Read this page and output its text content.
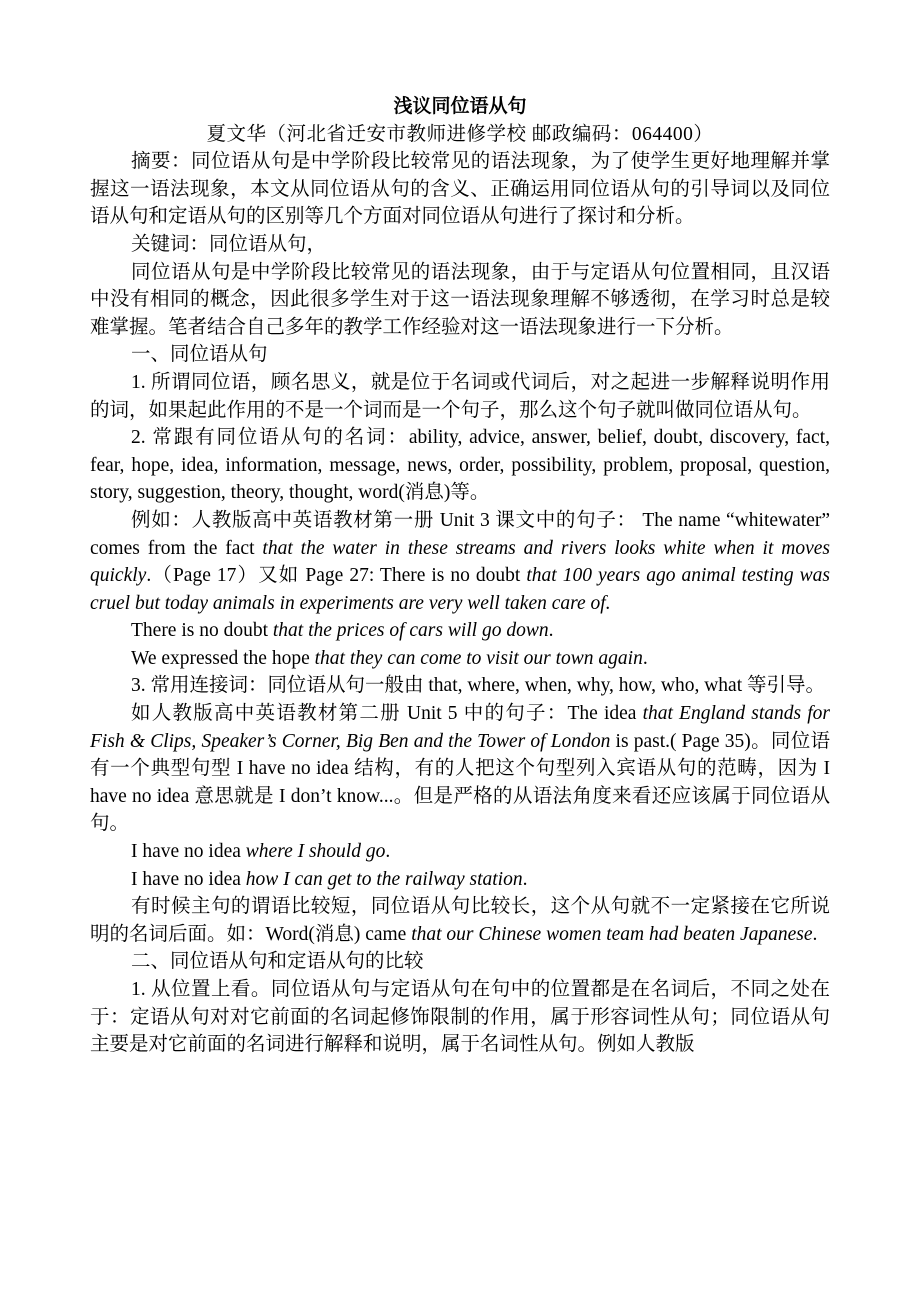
浅议同位语从句

夏文华（河北省迁安市教师进修学校 邮政编码：064400）

摘要：同位语从句是中学阶段比较常见的语法现象，为了使学生更好地理解并掌握这一语法现象，本文从同位语从句的含义、正确运用同位语从句的引导词以及同位语从句和定语从句的区别等几个方面对同位语从句进行了探讨和分析。

关键词：同位语从句，

同位语从句是中学阶段比较常见的语法现象，由于与定语从句位置相同，且汉语中没有相同的概念，因此很多学生对于这一语法现象理解不够透彻，在学习时总是较难掌握。笔者结合自己多年的教学工作经验对这一语法现象进行一下分析。

一、同位语从句

1. 所谓同位语，顾名思义，就是位于名词或代词后，对之起进一步解释说明作用的词，如果起此作用的不是一个词而是一个句子，那么这个句子就叫做同位语从句。

2. 常跟有同位语从句的名词：ability, advice, answer, belief, doubt, discovery, fact, fear, hope, idea, information, message, news, order, possibility, problem, proposal, question, story, suggestion, theory, thought, word(消息)等。

例如：人教版高中英语教材第一册 Unit 3 课文中的句子： The name “whitewater” comes from the fact that the water in these streams and rivers looks white when it moves quickly.（Page 17）又如 Page 27: There is no doubt that 100 years ago animal testing was cruel but today animals in experiments are very well taken care of.

There is no doubt that the prices of cars will go down.

We expressed the hope that they can come to visit our town again.

3. 常用连接词：同位语从句一般由 that, where, when, why, how, who, what 等引导。

如人教版高中英语教材第二册 Unit 5 中的句子：The idea that England stands for Fish & Clips, Speaker’s Corner, Big Ben and the Tower of London is past.( Page 35)。同位语有一个典型句型 I have no idea 结构，有的人把这个句型列入宾语从句的范畴，因为 I have no idea 意思就是 I don’t know...。但是严格的从语法角度来看还应该属于同位语从句。

I have no idea where I should go.

I have no idea how I can get to the railway station.

有时候主句的谓语比较短，同位语从句比较长，这个从句就不一定紧接在它所说明的名词后面。如：Word(消息) came that our Chinese women team had beaten Japanese.

二、同位语从句和定语从句的比较

1. 从位置上看。同位语从句与定语从句在句中的位置都是在名词后，不同之处在于：定语从句对对它前面的名词起修饰限制的作用，属于形容词性从句；同位语从句主要是对它前面的名词进行解释和说明，属于名词性从句。例如人教版
